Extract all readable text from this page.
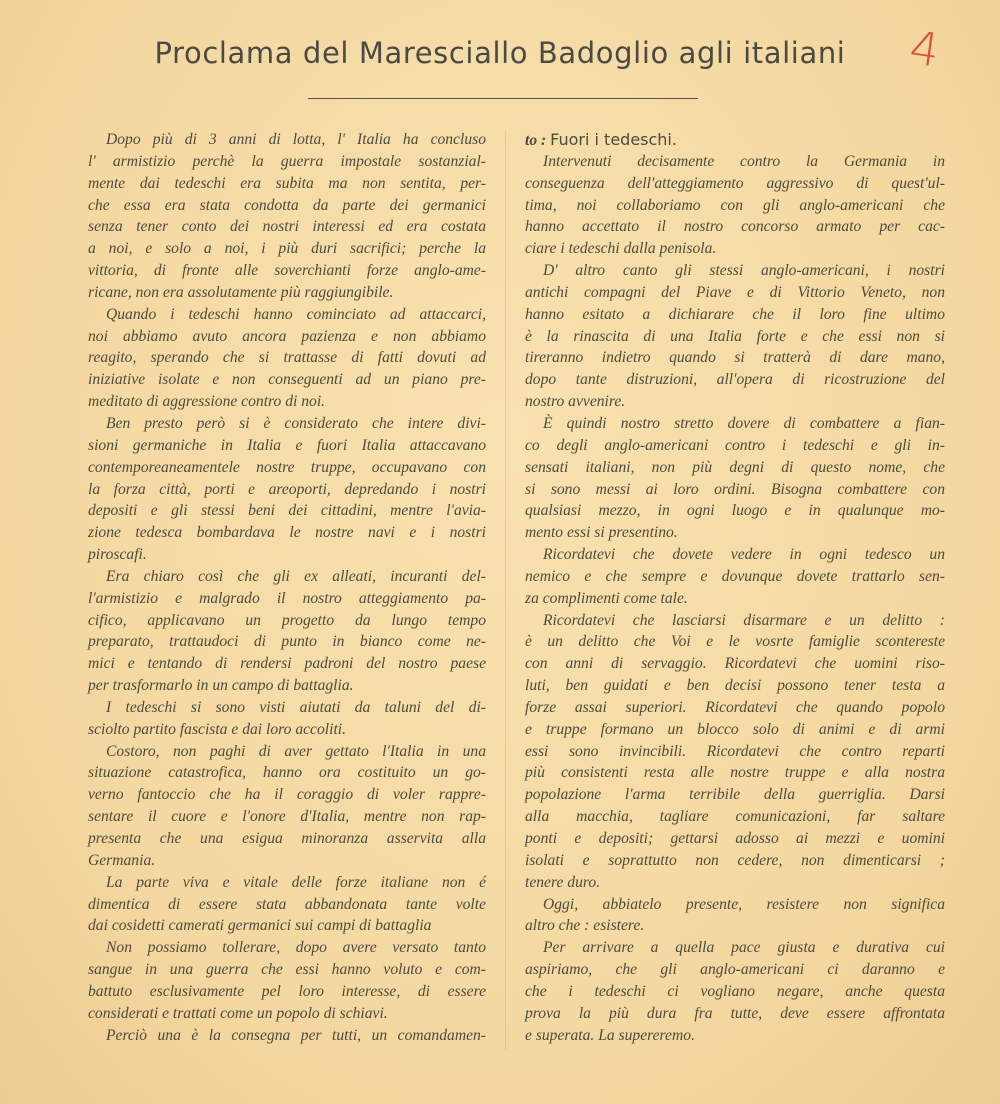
Proclama del Maresciallo Badoglio agli italiani	4
Dopo più di 3 anni di lotta, l' Italia ha concluso
l' armistizio perchè la guerra impostale sostanzial-
mente dai tedeschi era subita ma non sentita, per-
che essa era stata condotta da parte dei germanici
senza tener conto dei nostri interessi ed era costata
a noi, e solo a noi, i più duri sacrifici; perche la
vittoria, di fronte alle soverchianti forze anglo-ame-
ricane, non era assolutamente più raggiungibile.
Quando i tedeschi hanno cominciato ad attaccarci,
noi abbiamo avuto ancora pazienza e non abbiamo
reagito, sperando che si trattasse di fatti dovuti ad
iniziative isolate e non conseguenti ad un piano pre-
meditato di aggressione contro di noi.
Ben presto però si è considerato che intere divi-
sioni germaniche in Italia e fuori Italia attaccavano
contemporeaneamentele nostre truppe, occupavano con
la forza città, porti e areoporti, depredando i nostri
depositi e gli stessi beni dei cittadini, mentre l'avia-
zione tedesca bombardava le nostre navi e i nostri
piroscafi.
Era chiaro così che gli ex alleati, incuranti del-
l'armistizio e malgrado il nostro atteggiamento pa-
cifico, applicavano un progetto da lungo tempo
preparato, trattaudoci di punto in bianco come ne-
mici e tentando di rendersi padroni del nostro paese
per trasformarlo in un campo di battaglia.
I tedeschi si sono visti aiutati da taluni del di-
sciolto partito fascista e dai loro accoliti.
Costoro, non paghi di aver gettato l'Italia in una
situazione catastrofica, hanno ora costituito un go-
verno fantoccio che ha il coraggio di voler rappre-
sentare il cuore e l'onore d'Italia, mentre non rap-
presenta che una esigua minoranza asservita alla
Germania.
La parte viva e vitale delle forze italiane non é
dimentica di essere stata abbandonata tante volte
dai cosidetti camerati germanici sui campi di battaglia
Non possiamo tollerare, dopo avere versato tanto
sangue in una guerra che essi hanno voluto e com-
battuto esclusivamente pel loro interesse, di essere
considerati e trattati come un popolo di schiavi.
Perciò una è la consegna per tutti, un comandamen-
to : Fuori i tedeschi.
Intervenuti decisamente contro la Germania in
conseguenza dell'atteggiamento aggressivo di quest'ul-
tima, noi collaboriamo con gli anglo-americani che
hanno accettato il nostro concorso armato per cac-
ciare i tedeschi dalla penisola.
D' altro canto gli stessi anglo-americani, i nostri
antichi compagni del Piave e di Vittorio Veneto, non
hanno esitato a dichiarare che il loro fine ultimo
è la rinascita di una Italia forte e che essi non si
tireranno indietro quando si tratterà di dare mano,
dopo tante distruzioni, all'opera di ricostruzione del
nostro avvenire.
È quindi nostro stretto dovere di combattere a fian-
co degli anglo-americani contro i tedeschi e gli in-
sensati italiani, non più degni di questo nome, che
si sono messi ai loro ordini. Bisogna combattere con
qualsiasi mezzo, in ogni luogo e in qualunque mo-
mento essi si presentino.
Ricordatevi che dovete vedere in ogni tedesco un
nemico e che sempre e dovunque dovete trattarlo sen-
za complimenti come tale.
Ricordatevi che lasciarsi disarmare e un delitto :
è un delitto che Voi e le vosrte famiglie scontereste
con anni di servaggio. Ricordatevi che uomini riso-
luti, ben guidati e ben decisi possono tener testa a
forze assai superiori. Ricordatevi che quando popolo
e truppe formano un blocco solo di animi e di armi
essi sono invincibili. Ricordatevi che contro reparti
più consistenti resta alle nostre truppe e alla nostra
popolazione l'arma terribile della guerriglia. Darsi
alla macchia, tagliare comunicazioni, far saltare
ponti e depositi; gettarsi adosso ai mezzi e uomini
isolati e soprattutto non cedere, non dimenticarsi ;
tenere duro.
Oggi, abbiatelo presente, resistere non significa
altro che : esistere.
Per arrivare a quella pace giusta e durativa cui
aspiriamo, che gli anglo-americani ci daranno e
che i tedeschi ci vogliano negare, anche questa
prova la più dura fra tutte, deve essere affrontata
e superata. La supereremo.
